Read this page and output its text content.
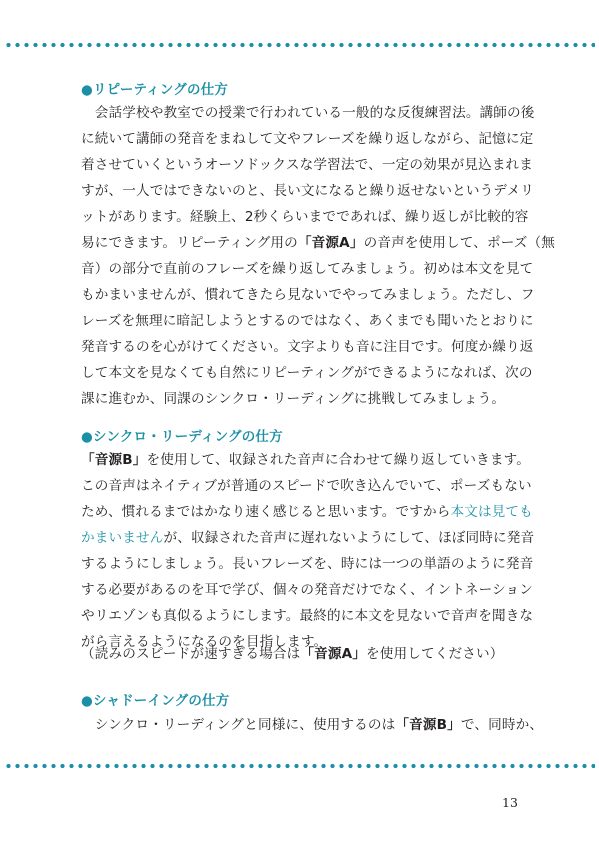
●リピーティングの仕方
　会話学校や教室での授業で行われている一般的な反復練習法。講師の後
に続いて講師の発音をまねして文やフレーズを繰り返しながら、記憶に定
着させていくというオーソドックスな学習法で、一定の効果が見込まれま
すが、一人ではできないのと、長い文になると繰り返せないというデメリ
ットがあります。経験上、2秒くらいまでであれば、繰り返しが比較的容
易にできます。リピーティング用の「音源A」の音声を使用して、ポーズ（無
音）の部分で直前のフレーズを繰り返してみましょう。初めは本文を見て
もかまいませんが、慣れてきたら見ないでやってみましょう。ただし、フ
レーズを無理に暗記しようとするのではなく、あくまでも聞いたとおりに
発音するのを心がけてください。文字よりも音に注目です。何度か繰り返
して本文を見なくても自然にリピーティングができるようになれば、次の
課に進むか、同課のシンクロ・リーディングに挑戦してみましょう。
●シンクロ・リーディングの仕方
「音源B」を使用して、収録された音声に合わせて繰り返していきます。
この音声はネイティブが普通のスピードで吹き込んでいて、ポーズもない
ため、慣れるまではかなり速く感じると思います。ですから本文は見ても
かまいませんが、収録された音声に遅れないようにして、ほぼ同時に発音
するようにしましょう。長いフレーズを、時には一つの単語のように発音
する必要があるのを耳で学び、個々の発音だけでなく、イントネーション
やリエゾンも真似るようにします。最終的に本文を見ないで音声を聞きな
がら言えるようになるのを目指します。
（読みのスピードが速すぎる場合は「音源A」を使用してください）
●シャドーイングの仕方
　シンクロ・リーディングと同様に、使用するのは「音源B」で、同時か、
13
